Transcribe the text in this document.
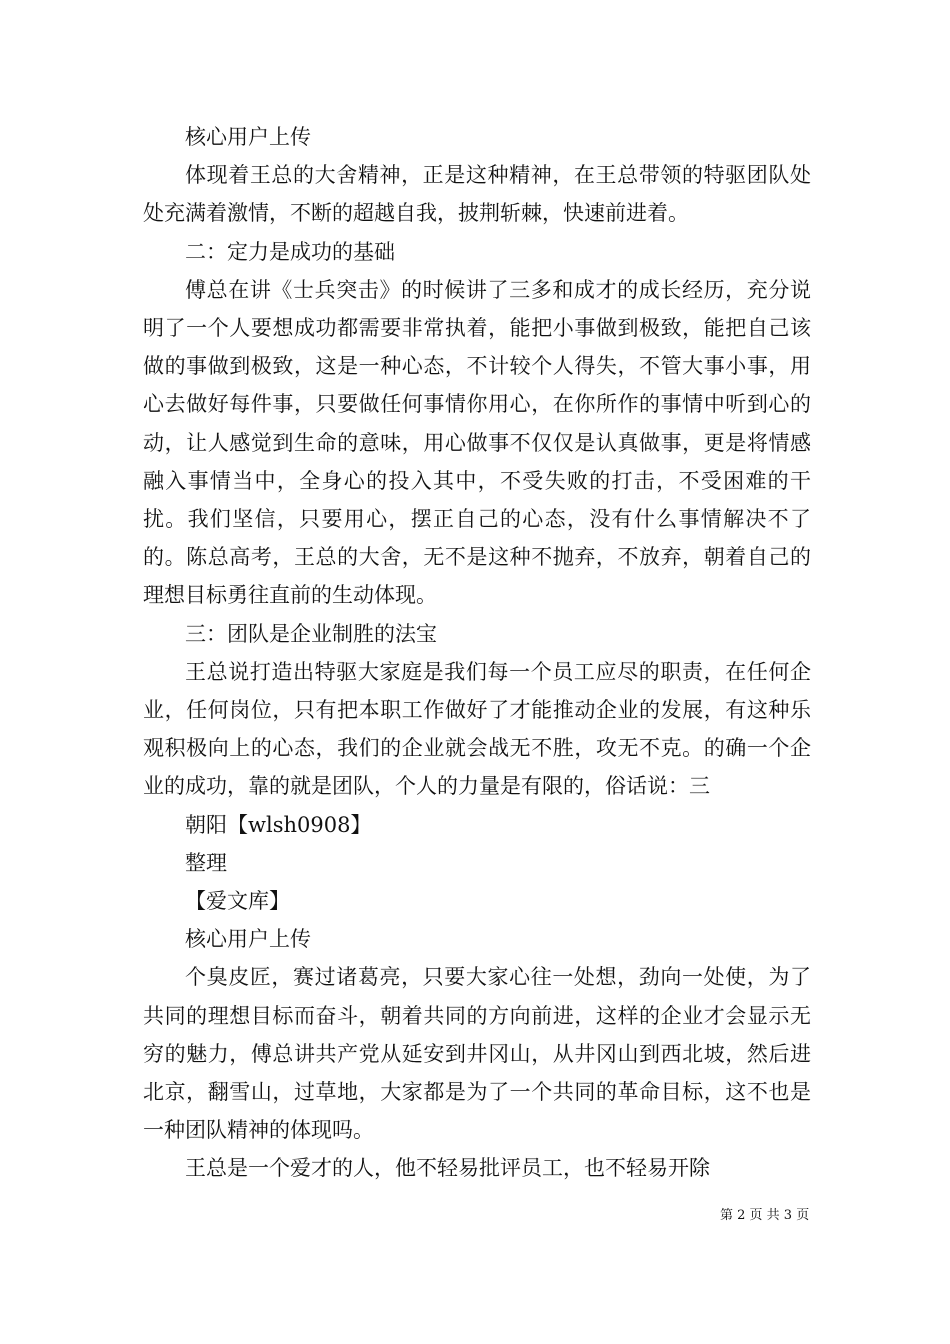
核心用户上传

体现着王总的大舍精神，正是这种精神，在王总带领的特驱团队处处充满着激情，不断的超越自我，披荆斩棘，快速前进着。

二：定力是成功的基础

傅总在讲《士兵突击》的时候讲了三多和成才的成长经历，充分说明了一个人要想成功都需要非常执着，能把小事做到极致，能把自己该做的事做到极致，这是一种心态，不计较个人得失，不管大事小事，用心去做好每件事，只要做任何事情你用心，在你所作的事情中听到心的动，让人感觉到生命的意味，用心做事不仅仅是认真做事，更是将情感融入事情当中，全身心的投入其中，不受失败的打击，不受困难的干扰。我们坚信，只要用心，摆正自己的心态，没有什么事情解决不了的。陈总高考，王总的大舍，无不是这种不抛弃，不放弃，朝着自己的理想目标勇往直前的生动体现。

三：团队是企业制胜的法宝

王总说打造出特驱大家庭是我们每一个员工应尽的职责，在任何企业，任何岗位，只有把本职工作做好了才能推动企业的发展，有这种乐观积极向上的心态，我们的企业就会战无不胜，攻无不克。的确一个企业的成功，靠的就是团队，个人的力量是有限的，俗话说：三

朝阳【wlsh0908】

整理

【爱文库】

核心用户上传

个臭皮匠，赛过诸葛亮，只要大家心往一处想，劲向一处使，为了共同的理想目标而奋斗，朝着共同的方向前进，这样的企业才会显示无穷的魅力，傅总讲共产党从延安到井冈山，从井冈山到西北坡，然后进北京，翻雪山，过草地，大家都是为了一个共同的革命目标，这不也是一种团队精神的体现吗。

王总是一个爱才的人，他不轻易批评员工，也不轻易开除

第 2 页 共 3 页
